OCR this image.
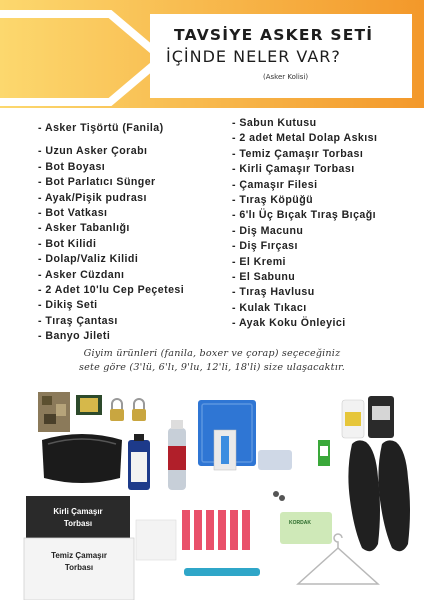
TAVSİYE ASKER SETİ
İÇİNDE NELER VAR?
(Asker Kolisi)
- Asker Tişörtü (Fanila)
- Uzun Asker Çorabı
- Bot Boyası
- Bot Parlatıcı Sünger
- Ayak/Pişik pudrası
- Bot Vatkası
- Asker Tabanlığı
- Bot Kilidi
- Dolap/Valiz Kilidi
- Asker Cüzdanı
- 2 Adet 10'lu Cep Peçetesi
- Dikiş Seti
- Tıraş Çantası
- Banyo Jileti
- Sabun Kutusu
- 2 adet Metal Dolap Askısı
- Temiz Çamaşır Torbası
- Kirli Çamaşır Torbası
- Çamaşır Filesi
- Tıraş Köpüğü
- 6'lı Üç Bıçak Tıraş Bıçağı
- Diş Macunu
- Diş Fırçası
- El Kremi
- El Sabunu
- Tıraş Havlusu
- Kulak Tıkacı
- Ayak Koku Önleyici
Giyim ürünleri (fanila, boxer ve çorap) seçeceğiniz
sete göre (3'lü, 6'lı, 9'lu, 12'li, 18'li) size ulaşacaktır.
Kirli Çamaşır
Torbası
Temiz Çamaşır
Torbası
KORDAK
